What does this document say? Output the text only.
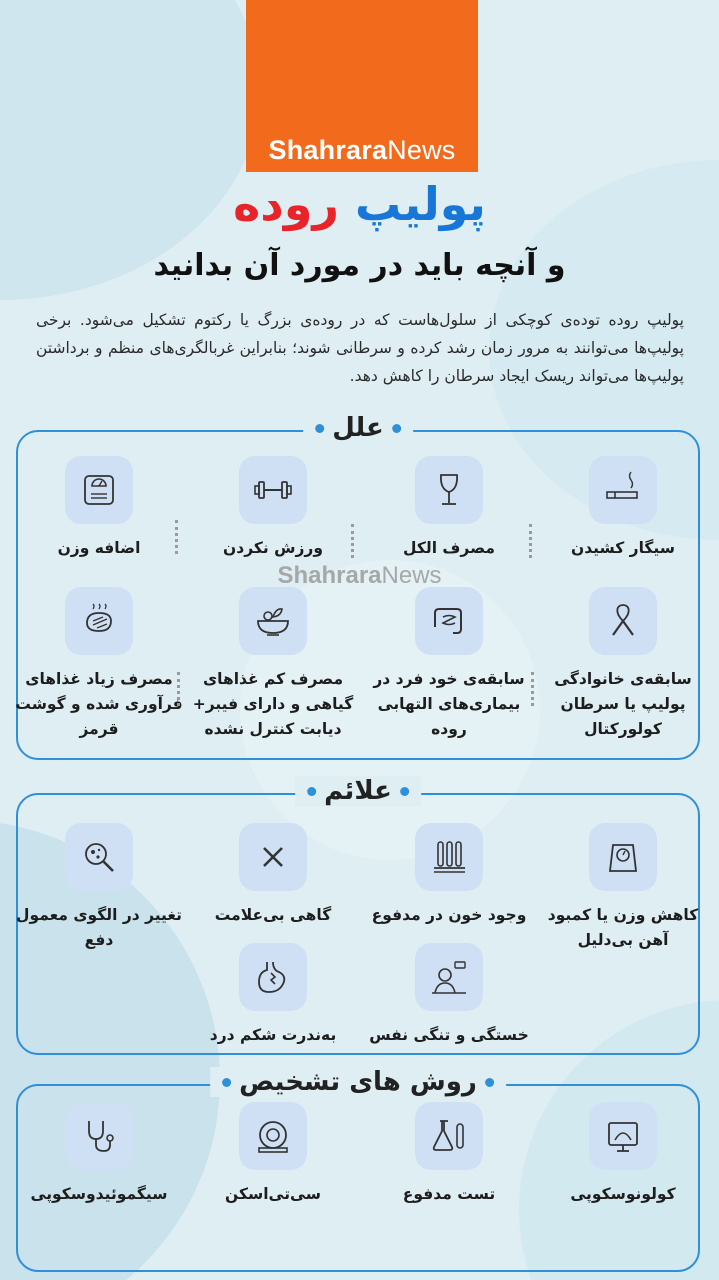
ShahraraNews
پولیپ روده
و آنچه باید در مورد آن بدانید
پولیپ روده توده‌ی کوچکی از سلول‌هاست که در روده‌ی بزرگ یا رکتوم تشکیل می‌شود. برخی پولیپ‌ها می‌توانند به مرور زمان رشد کرده و سرطانی شوند؛ بنابراین غربالگری‌های منظم و برداشتن پولیپ‌ها می‌تواند ریسک ایجاد سرطان را کاهش دهد.
علل
سیگار کشیدن
مصرف الکل
ورزش نکردن
اضافه وزن
سابقه‌ی خانوادگی پولیپ یا سرطان کولورکتال
سابقه‌ی خود فرد در بیماری‌های التهابی روده
مصرف کم غذاهای گیاهی و دارای فیبر+ دیابت کنترل نشده
مصرف زیاد غذاهای فرآوری شده و گوشت قرمز
ShahraraNews
علائم
کاهش وزن یا کمبود آهن بی‌دلیل
وجود خون در مدفوع
گاهی بی‌علامت
تغییر در الگوی معمول دفع
خستگی و تنگی نفس
به‌ندرت شکم درد
روش های تشخیص
کولونوسکوپی
تست مدفوع
سی‌تی‌اسکن
سیگموئیدوسکوپی
